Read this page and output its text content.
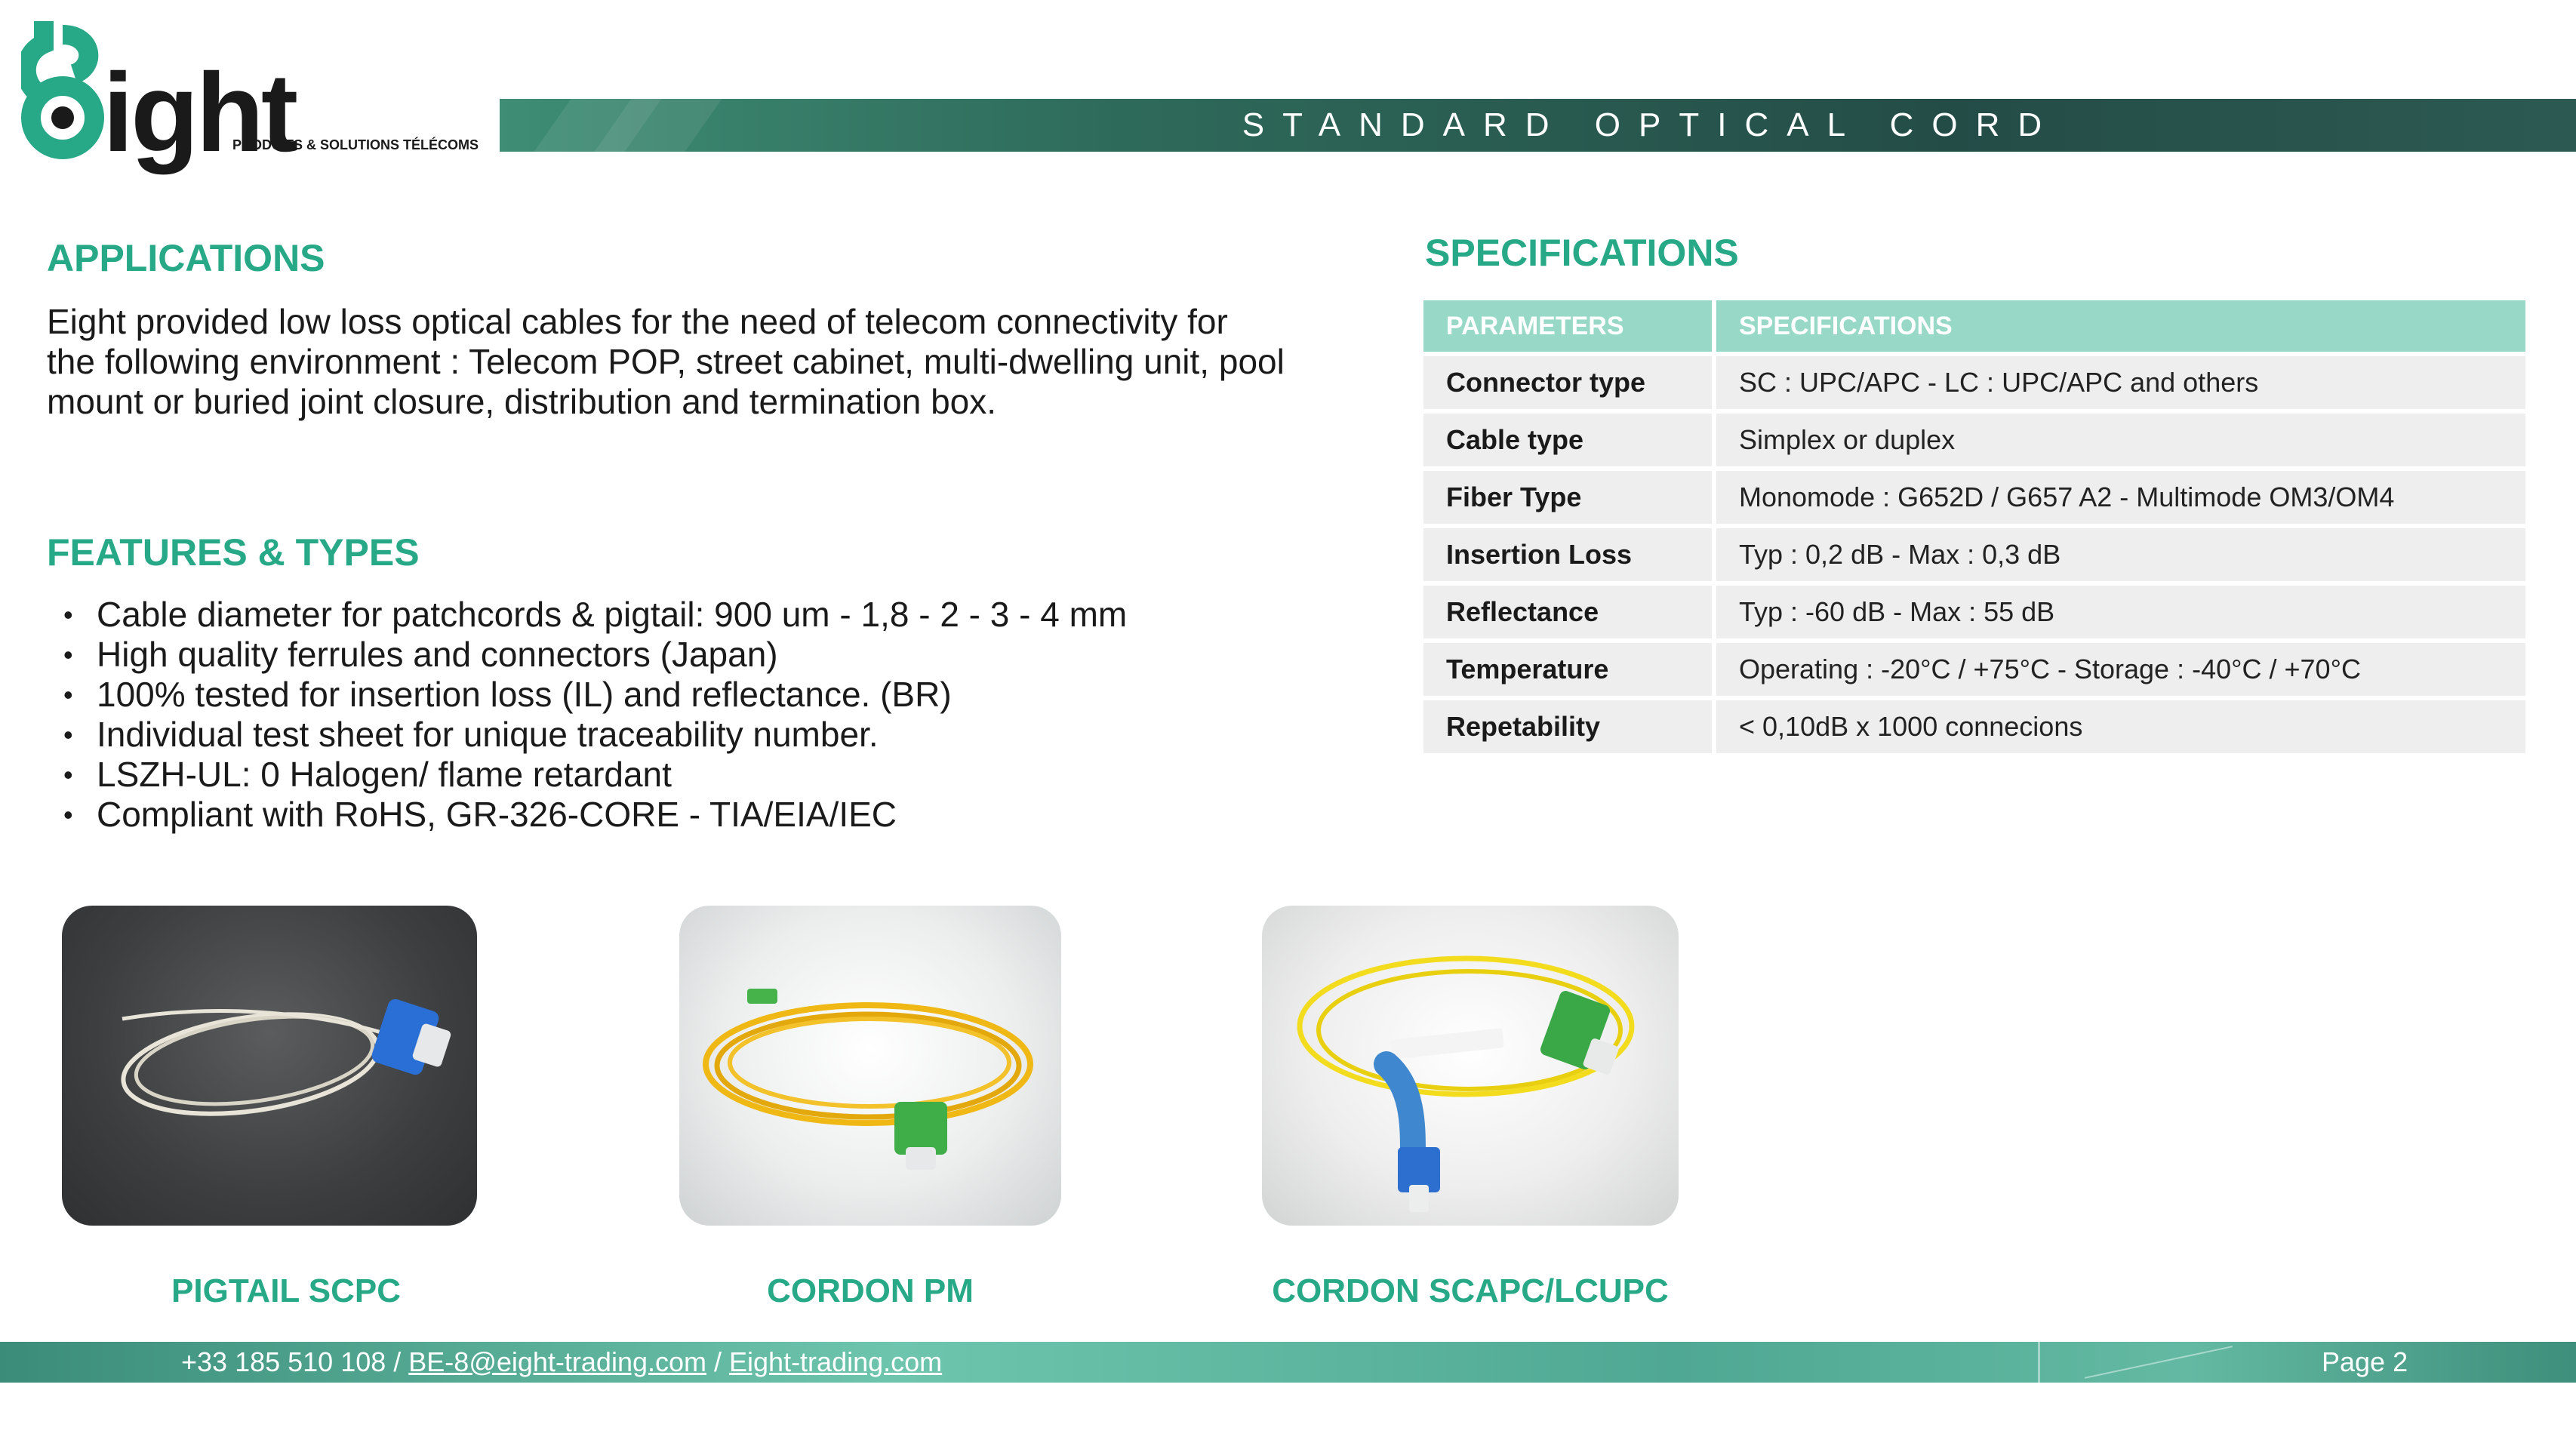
ight
PRODUITS & SOLUTIONS TÉLÉCOMS
STANDARD OPTICAL CORD
APPLICATIONS

Eight provided low loss optical cables for the need of telecom connectivity for the following environment : Telecom POP, street cabinet, multi-dwelling unit, pool mount or buried joint closure, distribution and termination box.

FEATURES & TYPES
• Cable diameter for patchcords & pigtail: 900 um - 1,8 - 2 - 3 - 4 mm
• High quality ferrules and connectors (Japan)
• 100% tested for insertion loss (IL) and reflectance. (BR)
• Individual test sheet for unique traceability number.
• LSZH-UL: 0 Halogen/ flame retardant
• Compliant with RoHS, GR-326-CORE - TIA/EIA/IEC
SPECIFICATIONS
PARAMETERS	SPECIFICATIONS
Connector type	SC : UPC/APC - LC : UPC/APC and others
Cable type	Simplex or duplex
Fiber Type	Monomode : G652D / G657 A2 - Multimode OM3/OM4
Insertion Loss	Typ : 0,2 dB - Max : 0,3 dB
Reflectance	Typ : -60 dB - Max : 55 dB
Temperature	Operating : -20°C / +75°C - Storage : -40°C / +70°C
Repetability	< 0,10dB x 1000 connecions
PIGTAIL SCPC	CORDON PM	CORDON SCAPC/LCUPC
+33 185 510 108 / BE-8@eight-trading.com / Eight-trading.com	Page 2
